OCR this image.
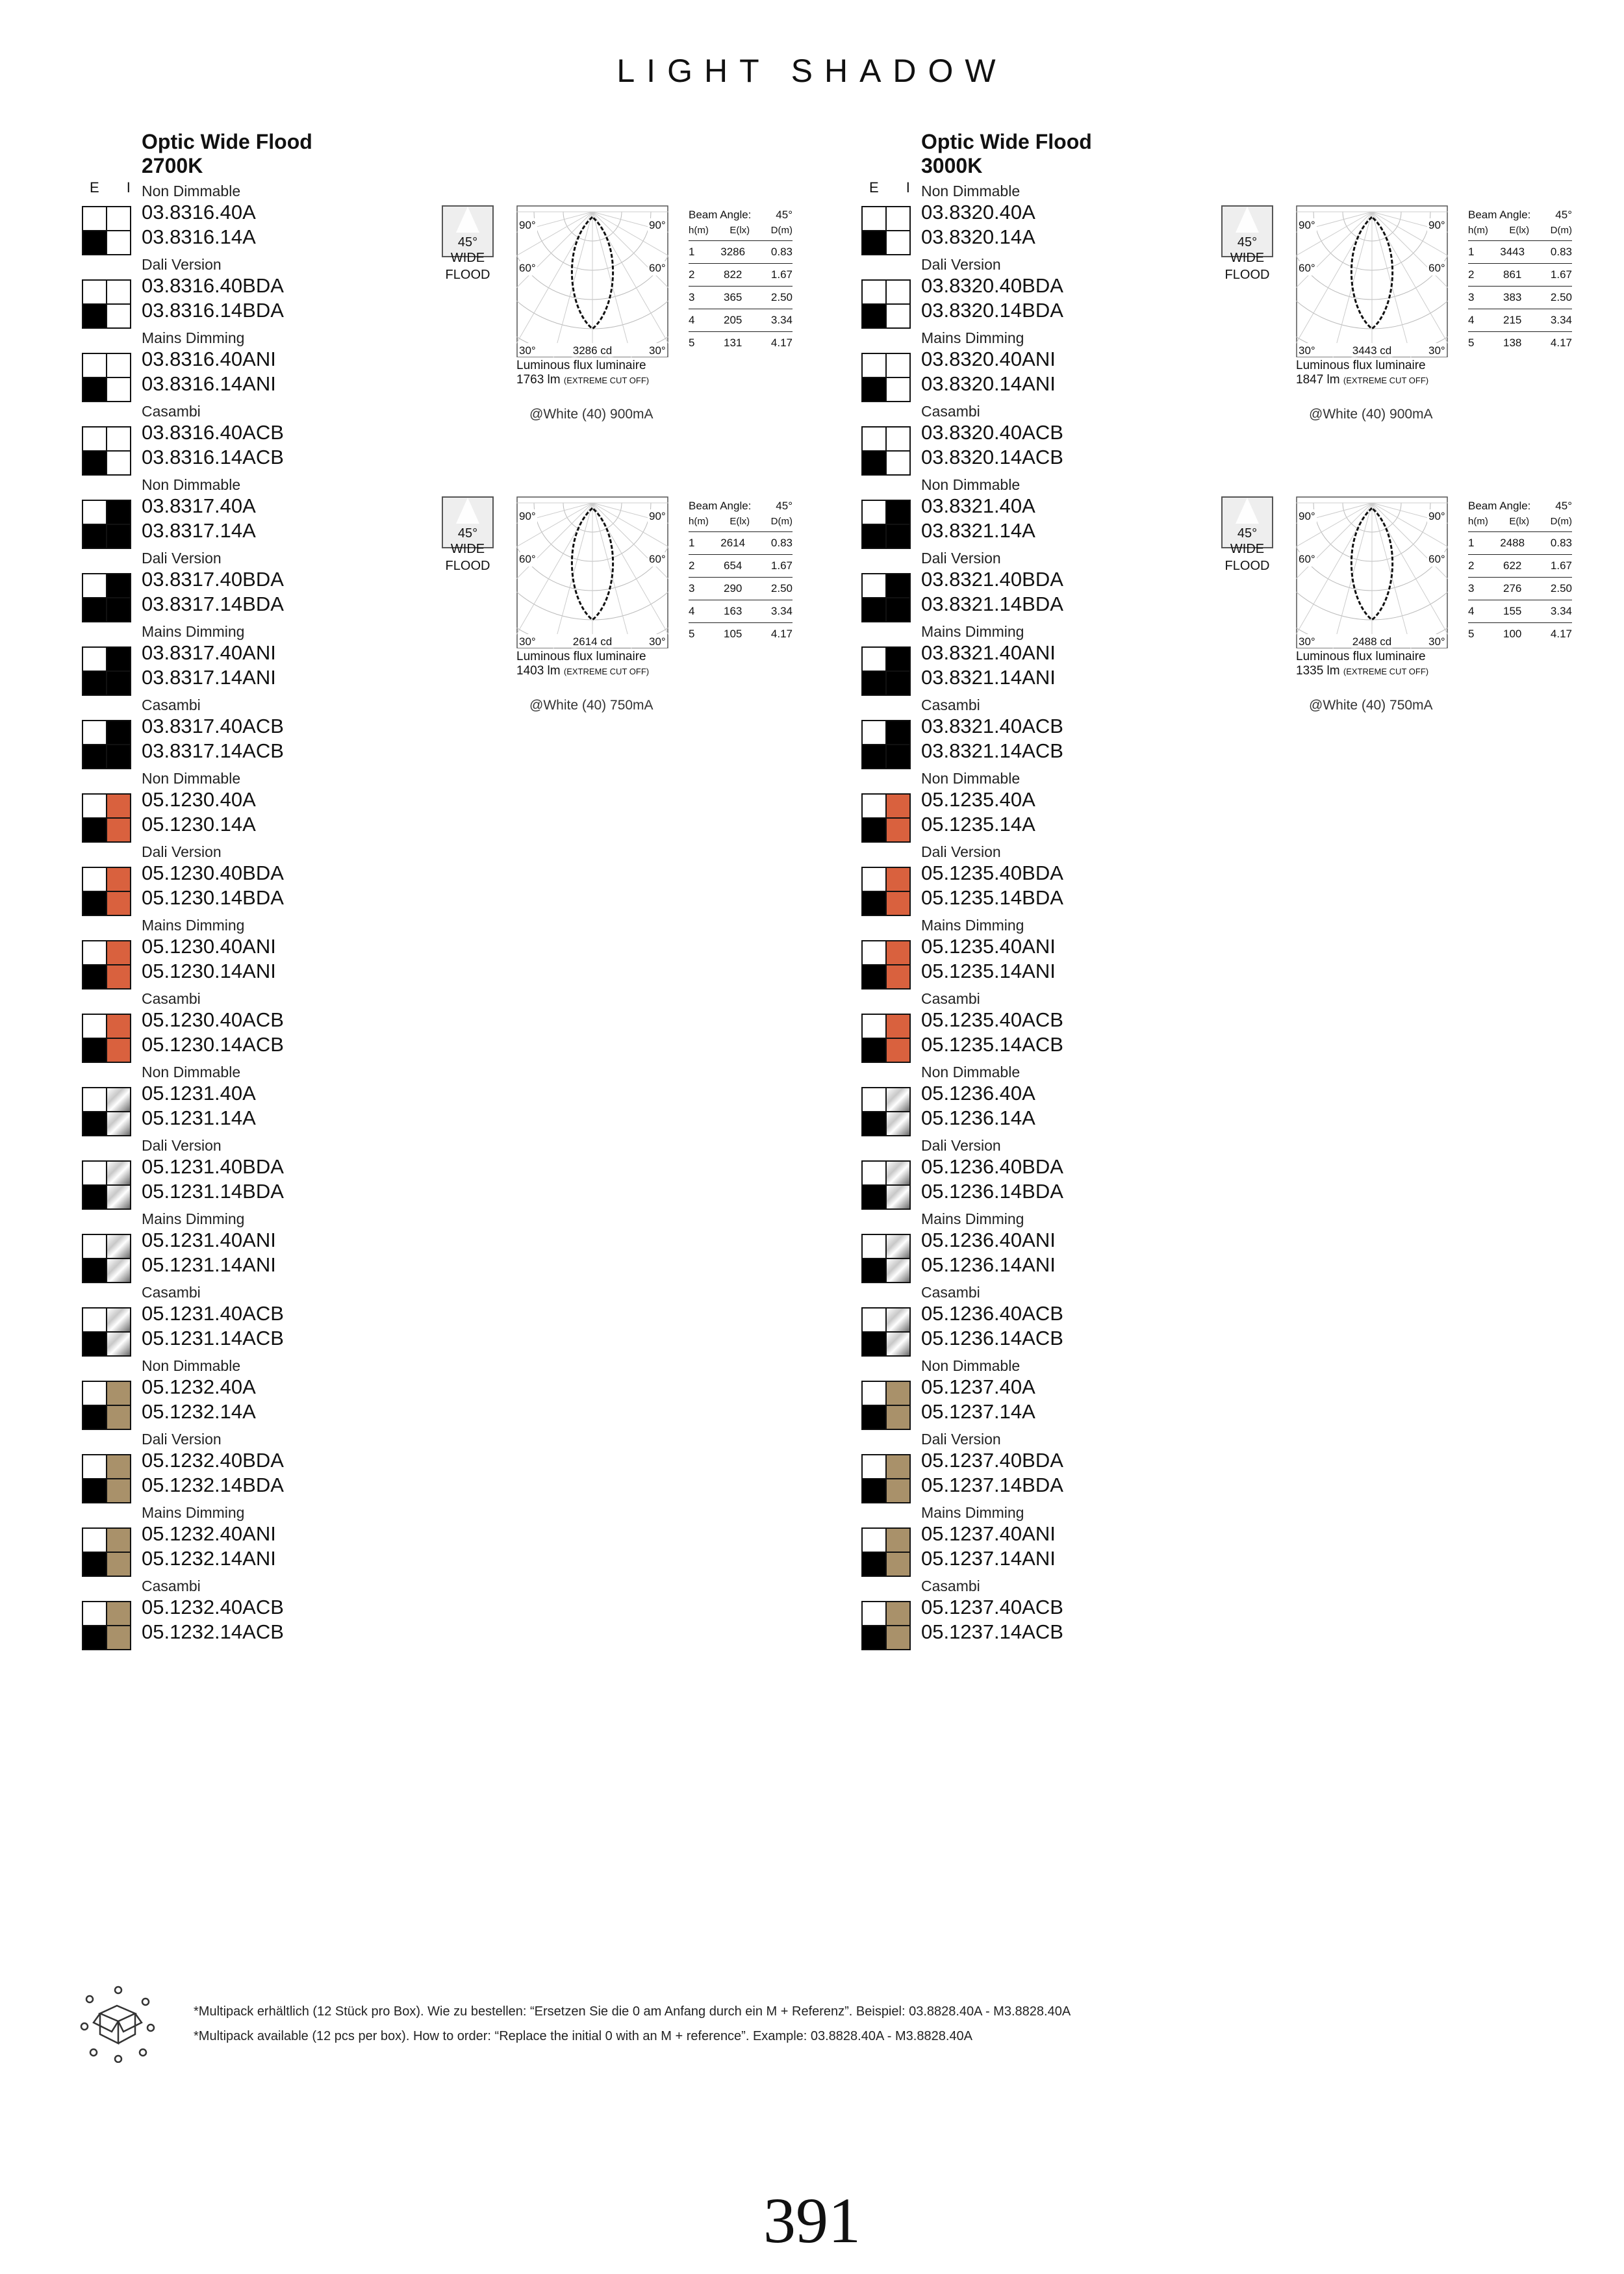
LIGHT SHADOW
Optic Wide Flood
2700K
E I Non Dimmable
03.8316.40A
03.8316.14A
Dali Version
03.8316.40BDA
03.8316.14BDA
Mains Dimming
03.8316.40ANI
03.8316.14ANI
Casambi
03.8316.40ACB
03.8316.14ACB
Non Dimmable
03.8317.40A
03.8317.14A
Dali Version
03.8317.40BDA
03.8317.14BDA
Mains Dimming
03.8317.40ANI
03.8317.14ANI
Casambi
03.8317.40ACB
03.8317.14ACB
Non Dimmable
05.1230.40A
05.1230.14A
Dali Version
05.1230.40BDA
05.1230.14BDA
Mains Dimming
05.1230.40ANI
05.1230.14ANI
Casambi
05.1230.40ACB
05.1230.14ACB
Non Dimmable
05.1231.40A
05.1231.14A
Dali Version
05.1231.40BDA
05.1231.14BDA
Mains Dimming
05.1231.40ANI
05.1231.14ANI
Casambi
05.1231.40ACB
05.1231.14ACB
Non Dimmable
05.1232.40A
05.1232.14A
Dali Version
05.1232.40BDA
05.1232.14BDA
Mains Dimming
05.1232.40ANI
05.1232.14ANI
Casambi
05.1232.40ACB
05.1232.14ACB
45°
WIDE
FLOOD
90°	90°
60°	60°
30°	3286 cd	30°
Luminous flux luminaire
1763 lm (EXTREME CUT OFF)
@White (40) 900mA
Beam Angle: 45°
h(m) E(lx) D(m)
1 3286 0.83
2	822	1.67
3	365	2.50
4	205	3.34
5	131	4.17
45°
WIDE
FLOOD
90°	90°
60°	60°
30°	2614 cd	30°
Luminous flux luminaire
1403 lm (EXTREME CUT OFF)
@White (40) 750mA
Beam Angle: 45°
h(m) E(lx) D(m)
1 2614 0.83
2	654	1.67
3	290	2.50
4	163	3.34
5	105	4.17
Optic Wide Flood
3000K
E I Non Dimmable
03.8320.40A
03.8320.14A
Dali Version
03.8320.40BDA
03.8320.14BDA
Mains Dimming
03.8320.40ANI
03.8320.14ANI
Casambi
03.8320.40ACB
03.8320.14ACB
Non Dimmable
03.8321.40A
03.8321.14A
Dali Version
03.8321.40BDA
03.8321.14BDA
Mains Dimming
03.8321.40ANI
03.8321.14ANI
Casambi
03.8321.40ACB
03.8321.14ACB
Non Dimmable
05.1235.40A
05.1235.14A
Dali Version
05.1235.40BDA
05.1235.14BDA
Mains Dimming
05.1235.40ANI
05.1235.14ANI
Casambi
05.1235.40ACB
05.1235.14ACB
Non Dimmable
05.1236.40A
05.1236.14A
Dali Version
05.1236.40BDA
05.1236.14BDA
Mains Dimming
05.1236.40ANI
05.1236.14ANI
Casambi
05.1236.40ACB
05.1236.14ACB
Non Dimmable
05.1237.40A
05.1237.14A
Dali Version
05.1237.40BDA
05.1237.14BDA
Mains Dimming
05.1237.40ANI
05.1237.14ANI
Casambi
05.1237.40ACB
05.1237.14ACB
45°
WIDE
FLOOD
90°	90°
60°	60°
30°	3443 cd	30°
Luminous flux luminaire
1847 lm (EXTREME CUT OFF)
@White (40) 900mA
Beam Angle: 45°
h(m) E(lx) D(m)
1 3443 0.83
2	861	1.67
3	383	2.50
4	215	3.34
5	138	4.17
45°
WIDE
FLOOD
90°	90°
60°	60°
30°	2488 cd	30°
Luminous flux luminaire
1335 lm (EXTREME CUT OFF)
@White (40) 750mA
Beam Angle: 45°
h(m) E(lx) D(m)
1 2488 0.83
2	622	1.67
3	276	2.50
4	155	3.34
5	100	4.17
*Multipack erhältlich (12 Stück pro Box). Wie zu bestellen: “Ersetzen Sie die 0 am Anfang durch ein M + Referenz”. Beispiel: 03.8828.40A - M3.8828.40A
*Multipack available (12 pcs per box). How to order: “Replace the initial 0 with an M + reference”. Example: 03.8828.40A - M3.8828.40A
391
